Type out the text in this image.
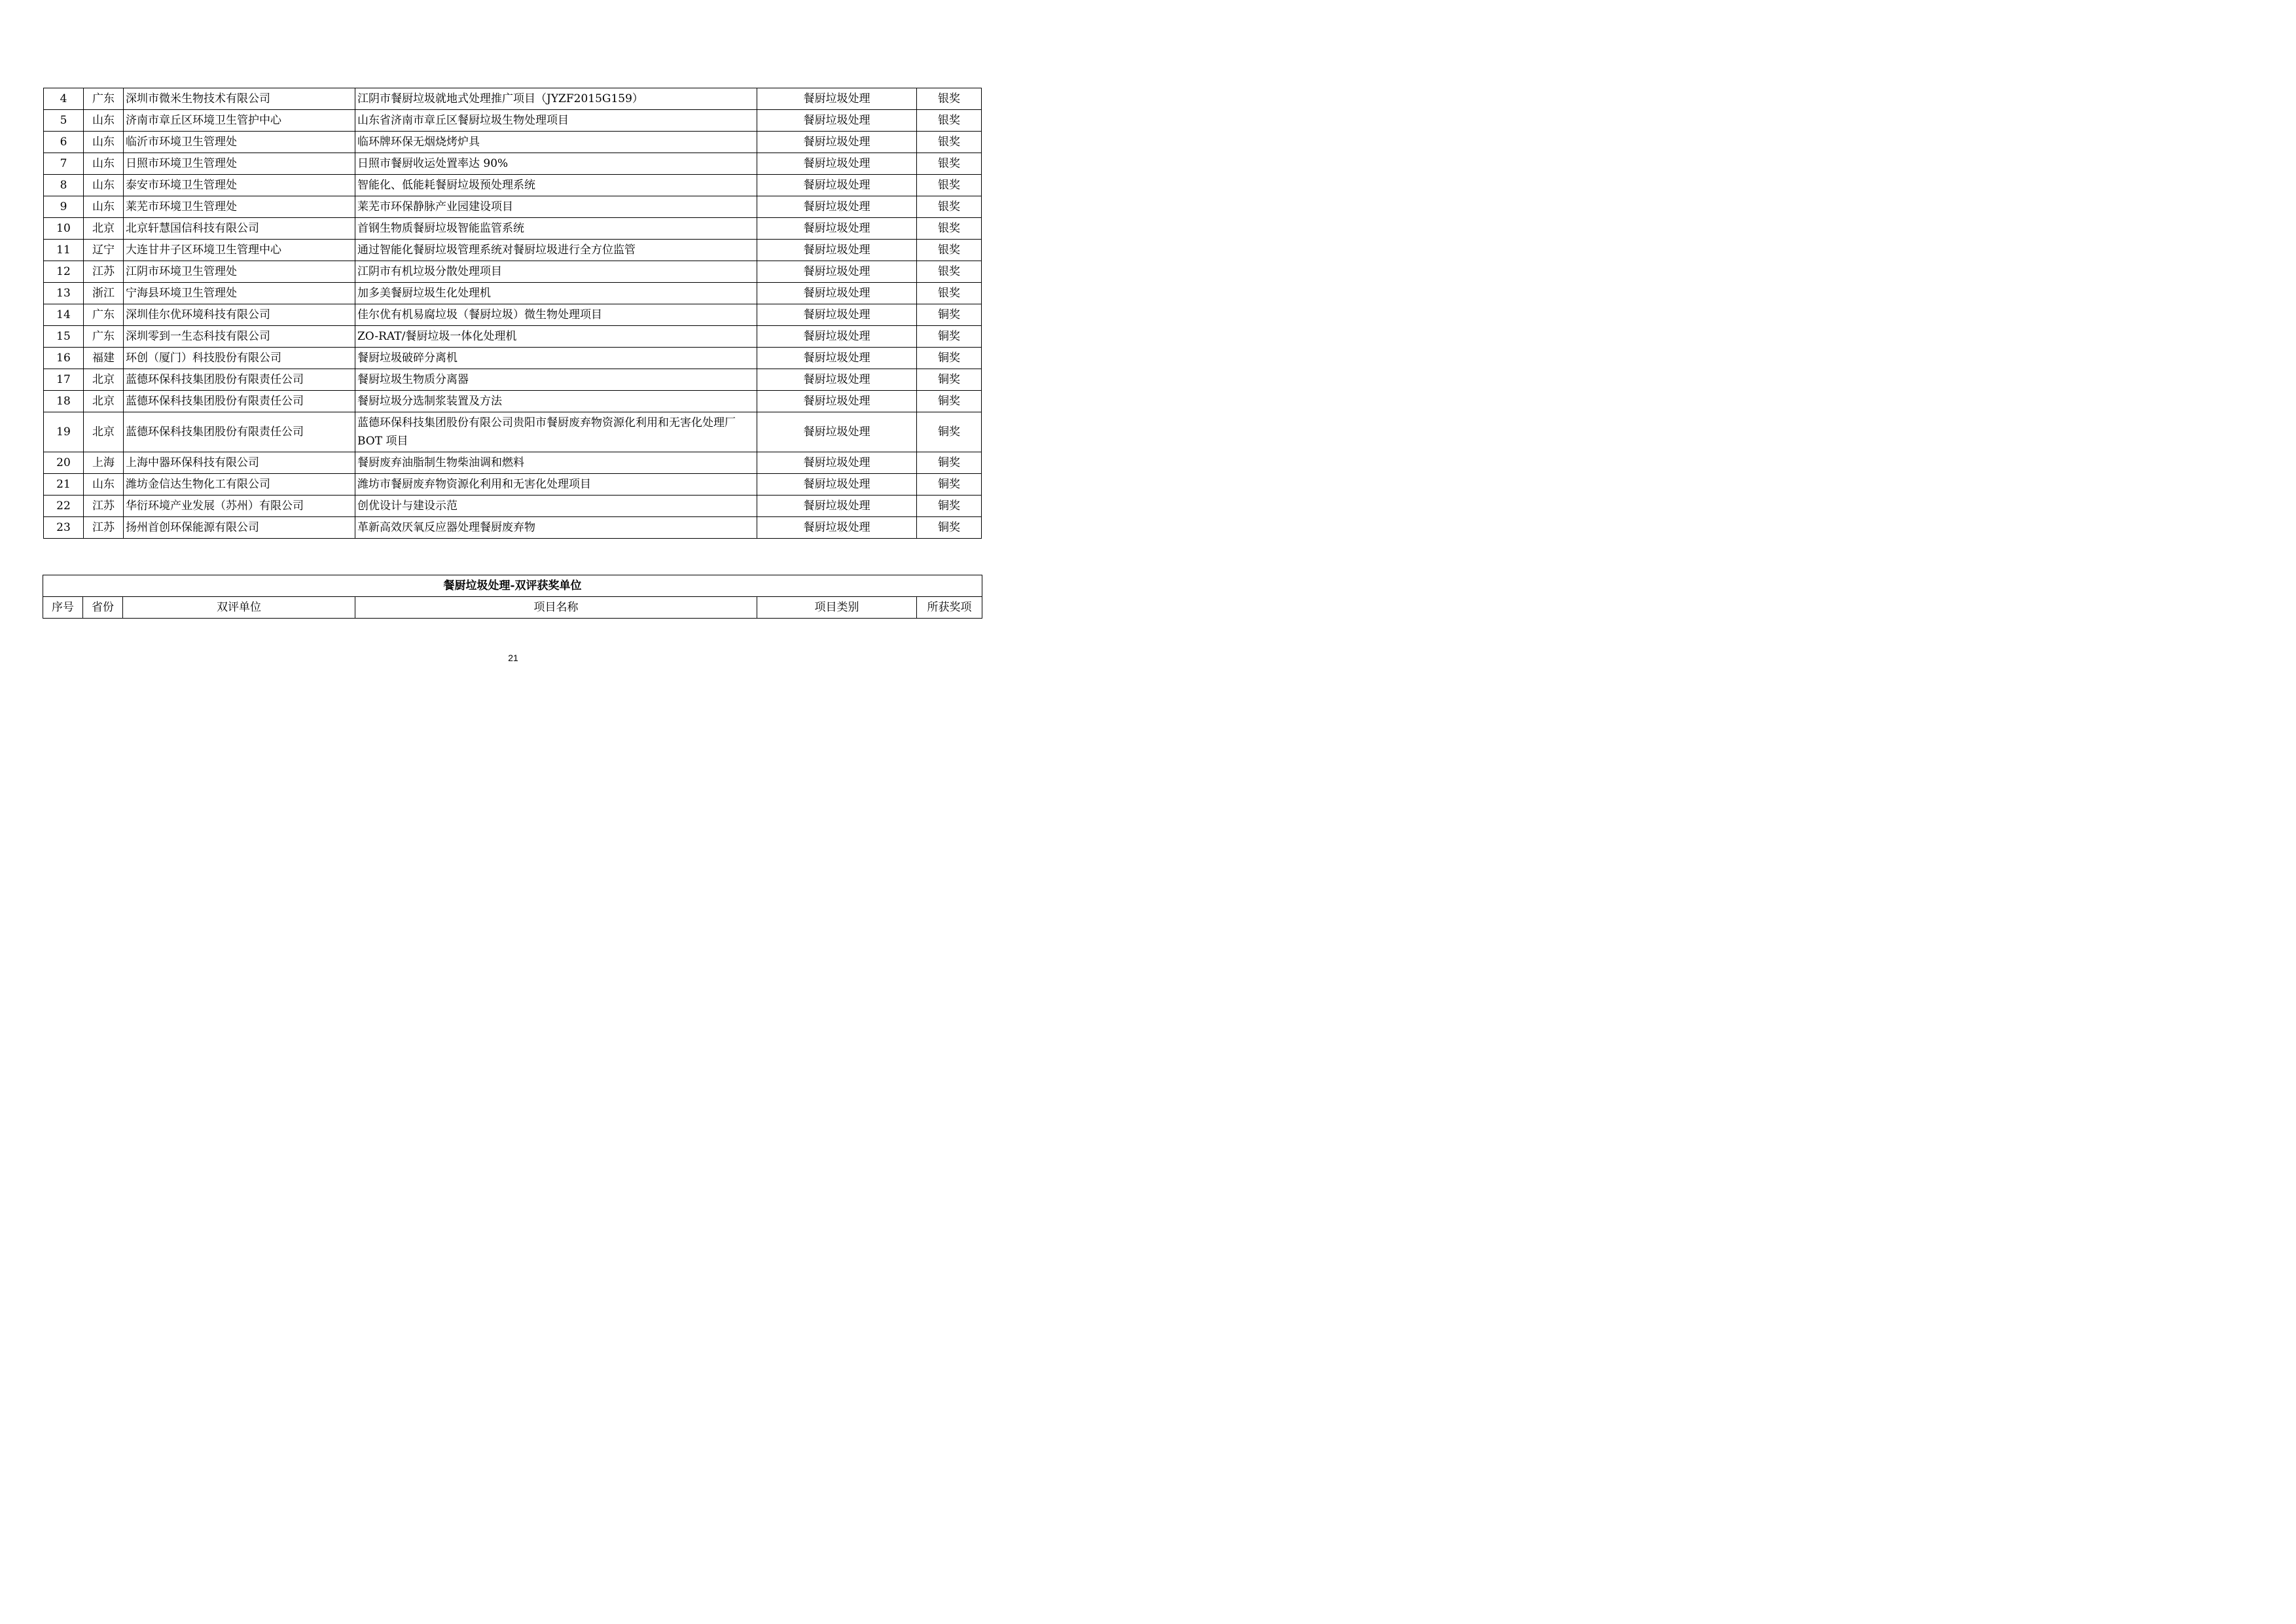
4	广东	深圳市微米生物技术有限公司	江阴市餐厨垃圾就地式处理推广项目（JYZF2015G159）	餐厨垃圾处理	银奖
5	山东	济南市章丘区环境卫生管护中心	山东省济南市章丘区餐厨垃圾生物处理项目	餐厨垃圾处理	银奖
6	山东	临沂市环境卫生管理处	临环牌环保无烟烧烤炉具	餐厨垃圾处理	银奖
7	山东	日照市环境卫生管理处	日照市餐厨收运处置率达 90%	餐厨垃圾处理	银奖
8	山东	泰安市环境卫生管理处	智能化、低能耗餐厨垃圾预处理系统	餐厨垃圾处理	银奖
9	山东	莱芜市环境卫生管理处	莱芜市环保静脉产业园建设项目	餐厨垃圾处理	银奖
10	北京	北京轩慧国信科技有限公司	首钢生物质餐厨垃圾智能监管系统	餐厨垃圾处理	银奖
11	辽宁	大连甘井子区环境卫生管理中心	通过智能化餐厨垃圾管理系统对餐厨垃圾进行全方位监管	餐厨垃圾处理	银奖
12	江苏	江阴市环境卫生管理处	江阴市有机垃圾分散处理项目	餐厨垃圾处理	银奖
13	浙江	宁海县环境卫生管理处	加多美餐厨垃圾生化处理机	餐厨垃圾处理	银奖
14	广东	深圳佳尔优环境科技有限公司	佳尔优有机易腐垃圾（餐厨垃圾）微生物处理项目	餐厨垃圾处理	铜奖
15	广东	深圳零到一生态科技有限公司	ZO-RAT/餐厨垃圾一体化处理机	餐厨垃圾处理	铜奖
16	福建	环创（厦门）科技股份有限公司	餐厨垃圾破碎分离机	餐厨垃圾处理	铜奖
17	北京	蓝德环保科技集团股份有限责任公司	餐厨垃圾生物质分离器	餐厨垃圾处理	铜奖
18	北京	蓝德环保科技集团股份有限责任公司	餐厨垃圾分选制浆装置及方法	餐厨垃圾处理	铜奖
19	北京	蓝德环保科技集团股份有限责任公司	蓝德环保科技集团股份有限公司贵阳市餐厨废弃物资源化利用和无害化处理厂 BOT 项目	餐厨垃圾处理	铜奖
20	上海	上海中器环保科技有限公司	餐厨废弃油脂制生物柴油调和燃料	餐厨垃圾处理	铜奖
21	山东	潍坊金信达生物化工有限公司	潍坊市餐厨废弃物资源化利用和无害化处理项目	餐厨垃圾处理	铜奖
22	江苏	华衍环境产业发展（苏州）有限公司	创优设计与建设示范	餐厨垃圾处理	铜奖
23	江苏	扬州首创环保能源有限公司	革新高效厌氧反应器处理餐厨废弃物	餐厨垃圾处理	铜奖
餐厨垃圾处理-双评获奖单位
序号	省份	双评单位	项目名称	项目类别	所获奖项
21
